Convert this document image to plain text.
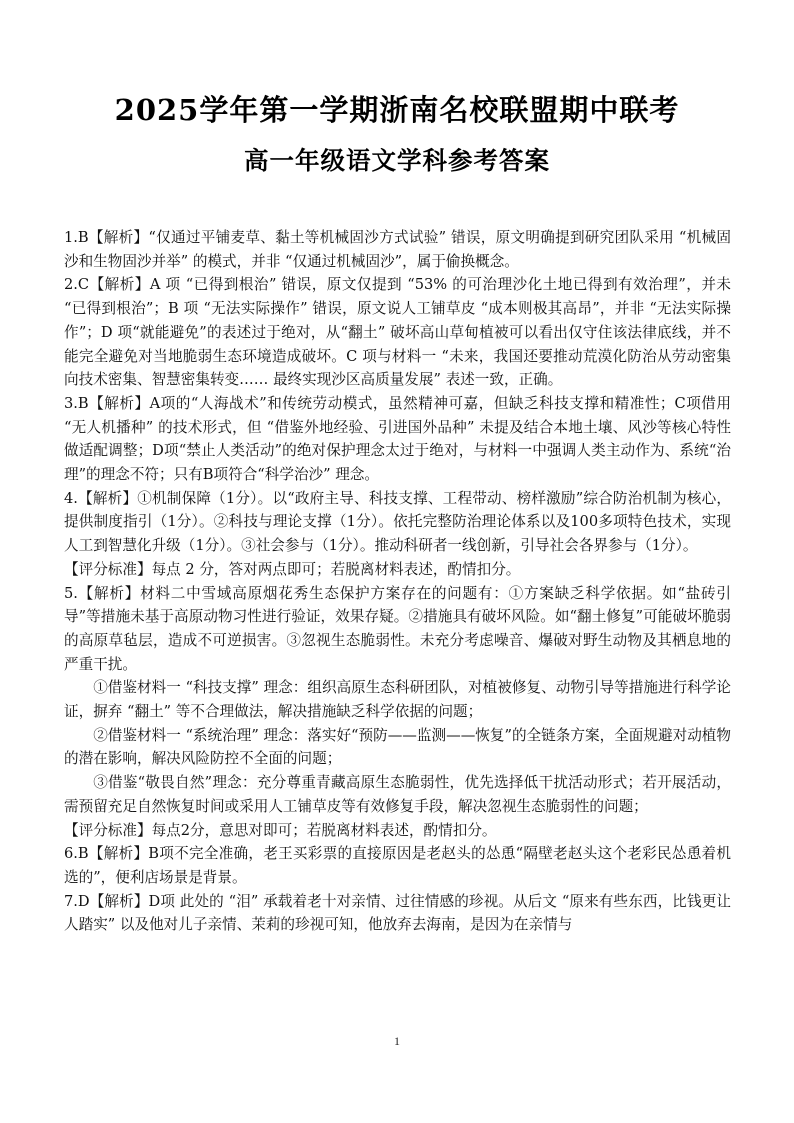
2025学年第一学期浙南名校联盟期中联考
高一年级语文学科参考答案

1.B【解析】“仅通过平铺麦草、黏土等机械固沙方式试验” 错误，原文明确提到研究团队采用 “机械固沙和生物固沙并举” 的模式，并非 “仅通过机械固沙”，属于偷换概念。

2.C【解析】A 项 “已得到根治” 错误，原文仅提到 “53% 的可治理沙化土地已得到有效治理”，并未 “已得到根治”；B 项 “无法实际操作” 错误，原文说人工铺草皮 “成本则极其高昂”，并非 “无法实际操作”；D 项“就能避免”的表述过于绝对，从“翻土” 破坏高山草甸植被可以看出仅守住该法律底线，并不能完全避免对当地脆弱生态环境造成破坏。C 项与材料一 “未来，我国还要推动荒漠化防治从劳动密集向技术密集、智慧密集转变…… 最终实现沙区高质量发展” 表述一致，正确。

3.B【解析】A项的“人海战术”和传统劳动模式，虽然精神可嘉，但缺乏科技支撑和精准性；C项借用 “无人机播种” 的技术形式，但 “借鉴外地经验、引进国外品种” 未提及结合本地土壤、风沙等核心特性做适配调整；D项“禁止人类活动”的绝对保护理念太过于绝对，与材料一中强调人类主动作为、系统“治理”的理念不符；只有B项符合“科学治沙” 理念。

4.【解析】①机制保障（1分）。以“政府主导、科技支撑、工程带动、榜样激励”综合防治机制为核心，提供制度指引（1分）。②科技与理论支撑（1分）。依托完整防治理论体系以及100多项特色技术，实现人工到智慧化升级（1分）。③社会参与（1分）。推动科研者一线创新，引导社会各界参与（1分）。

【评分标准】每点 2 分，答对两点即可；若脱离材料表述，酌情扣分。

5.【解析】材料二中雪域高原烟花秀生态保护方案存在的问题有：①方案缺乏科学依据。如“盐砖引导”等措施未基于高原动物习性进行验证，效果存疑。②措施具有破坏风险。如“翻土修复”可能破坏脆弱的高原草毡层，造成不可逆损害。③忽视生态脆弱性。未充分考虑噪音、爆破对野生动物及其栖息地的严重干扰。

①借鉴材料一 “科技支撑” 理念：组织高原生态科研团队，对植被修复、动物引导等措施进行科学论证，摒弃 “翻土” 等不合理做法，解决措施缺乏科学依据的问题；

②借鉴材料一 “系统治理” 理念：落实好“预防——监测——恢复”的全链条方案，全面规避对动植物的潜在影响，解决风险防控不全面的问题；

③借鉴“敬畏自然”理念：充分尊重青藏高原生态脆弱性，优先选择低干扰活动形式；若开展活动，需预留充足自然恢复时间或采用人工铺草皮等有效修复手段，解决忽视生态脆弱性的问题；

【评分标准】每点2分，意思对即可；若脱离材料表述，酌情扣分。

6.B【解析】B项不完全准确，老王买彩票的直接原因是老赵头的怂恿“隔壁老赵头这个老彩民怂恿着机选的”，便利店场景是背景。

7.D【解析】D项 此处的 “泪” 承载着老十对亲情、过往情感的珍视。从后文 “原来有些东西，比钱更让人踏实” 以及他对儿子亲情、茉莉的珍视可知，他放弃去海南，是因为在亲情与

1
